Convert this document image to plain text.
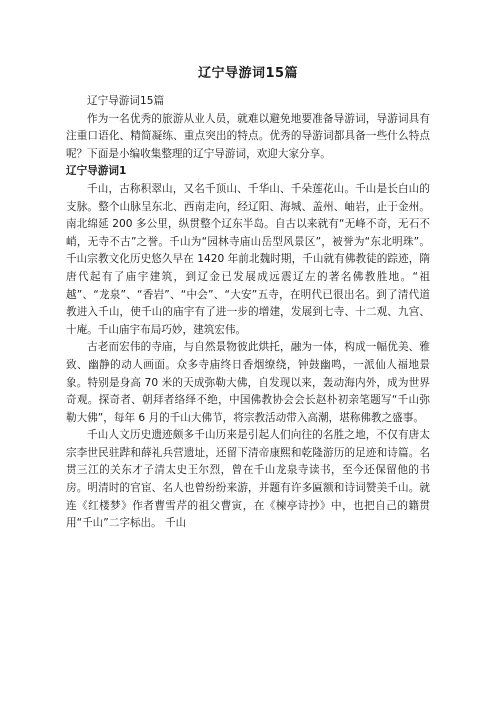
辽宁导游词15篇

辽宁导游词15篇

作为一名优秀的旅游从业人员，就难以避免地要准备导游词，导游词具有注重口语化、精简凝练、重点突出的特点。优秀的导游词都具备一些什么特点呢？下面是小编收集整理的辽宁导游词，欢迎大家分享。

辽宁导游词1

千山，古称积翠山，又名千顶山、千华山、千朵莲花山。千山是长白山的支脉。整个山脉呈东北、西南走向，经辽阳、海城、盖州、岫岩，止于金州。南北绵延 200 多公里，纵贯整个辽东半岛。自古以来就有“无峰不奇，无石不峭，无寺不古”之誉。千山为“园林寺庙山岳型风景区”，被誉为“东北明珠”。千山宗教文化历史悠久早在 1420 年前北魏时期，千山就有佛教徒的踪迹，隋唐代起有了庙宇建筑，到辽金已发展成远震辽左的著名佛教胜地。“祖越”、“龙泉”、“香岩”、“中会”、“大安”五寺，在明代已很出名。到了清代道教进入千山，使千山的庙宇有了进一步的增建，发展到七寺、十二观、九宫、十庵。千山庙宇布局巧妙，建筑宏伟。

古老而宏伟的寺庙，与自然景物彼此烘托，融为一体，构成一幅优美、雅致、幽静的动人画面。众多寺庙终日香烟缭绕，钟鼓幽鸣，一派仙人福地景象。特别是身高 70 米的天成弥勒大佛，自发现以来，轰动海内外，成为世界奇观。探奇者、朝拜者络绎不绝，中国佛教协会会长赵朴初亲笔题写“千山弥勒大佛”，每年 6 月的千山大佛节，将宗教活动带入高潮，堪称佛教之盛事。

千山人文历史遗迹颇多千山历来是引起人们向往的名胜之地，不仅有唐太宗李世民驻跸和薛礼兵营遗址，还留下清帝康熙和乾隆游历的足迹和诗篇。名贯三江的关东才子清太史王尔烈，曾在千山龙泉寺读书，至今还保留他的书房。明清时的官宦、名人也曾纷纷来游，并题有许多匾额和诗词赞美千山。就连《红楼梦》作者曹雪芹的祖父曹寅，在《楝亭诗抄》中，也把自己的籍贯用“千山”二字标出。 千山
